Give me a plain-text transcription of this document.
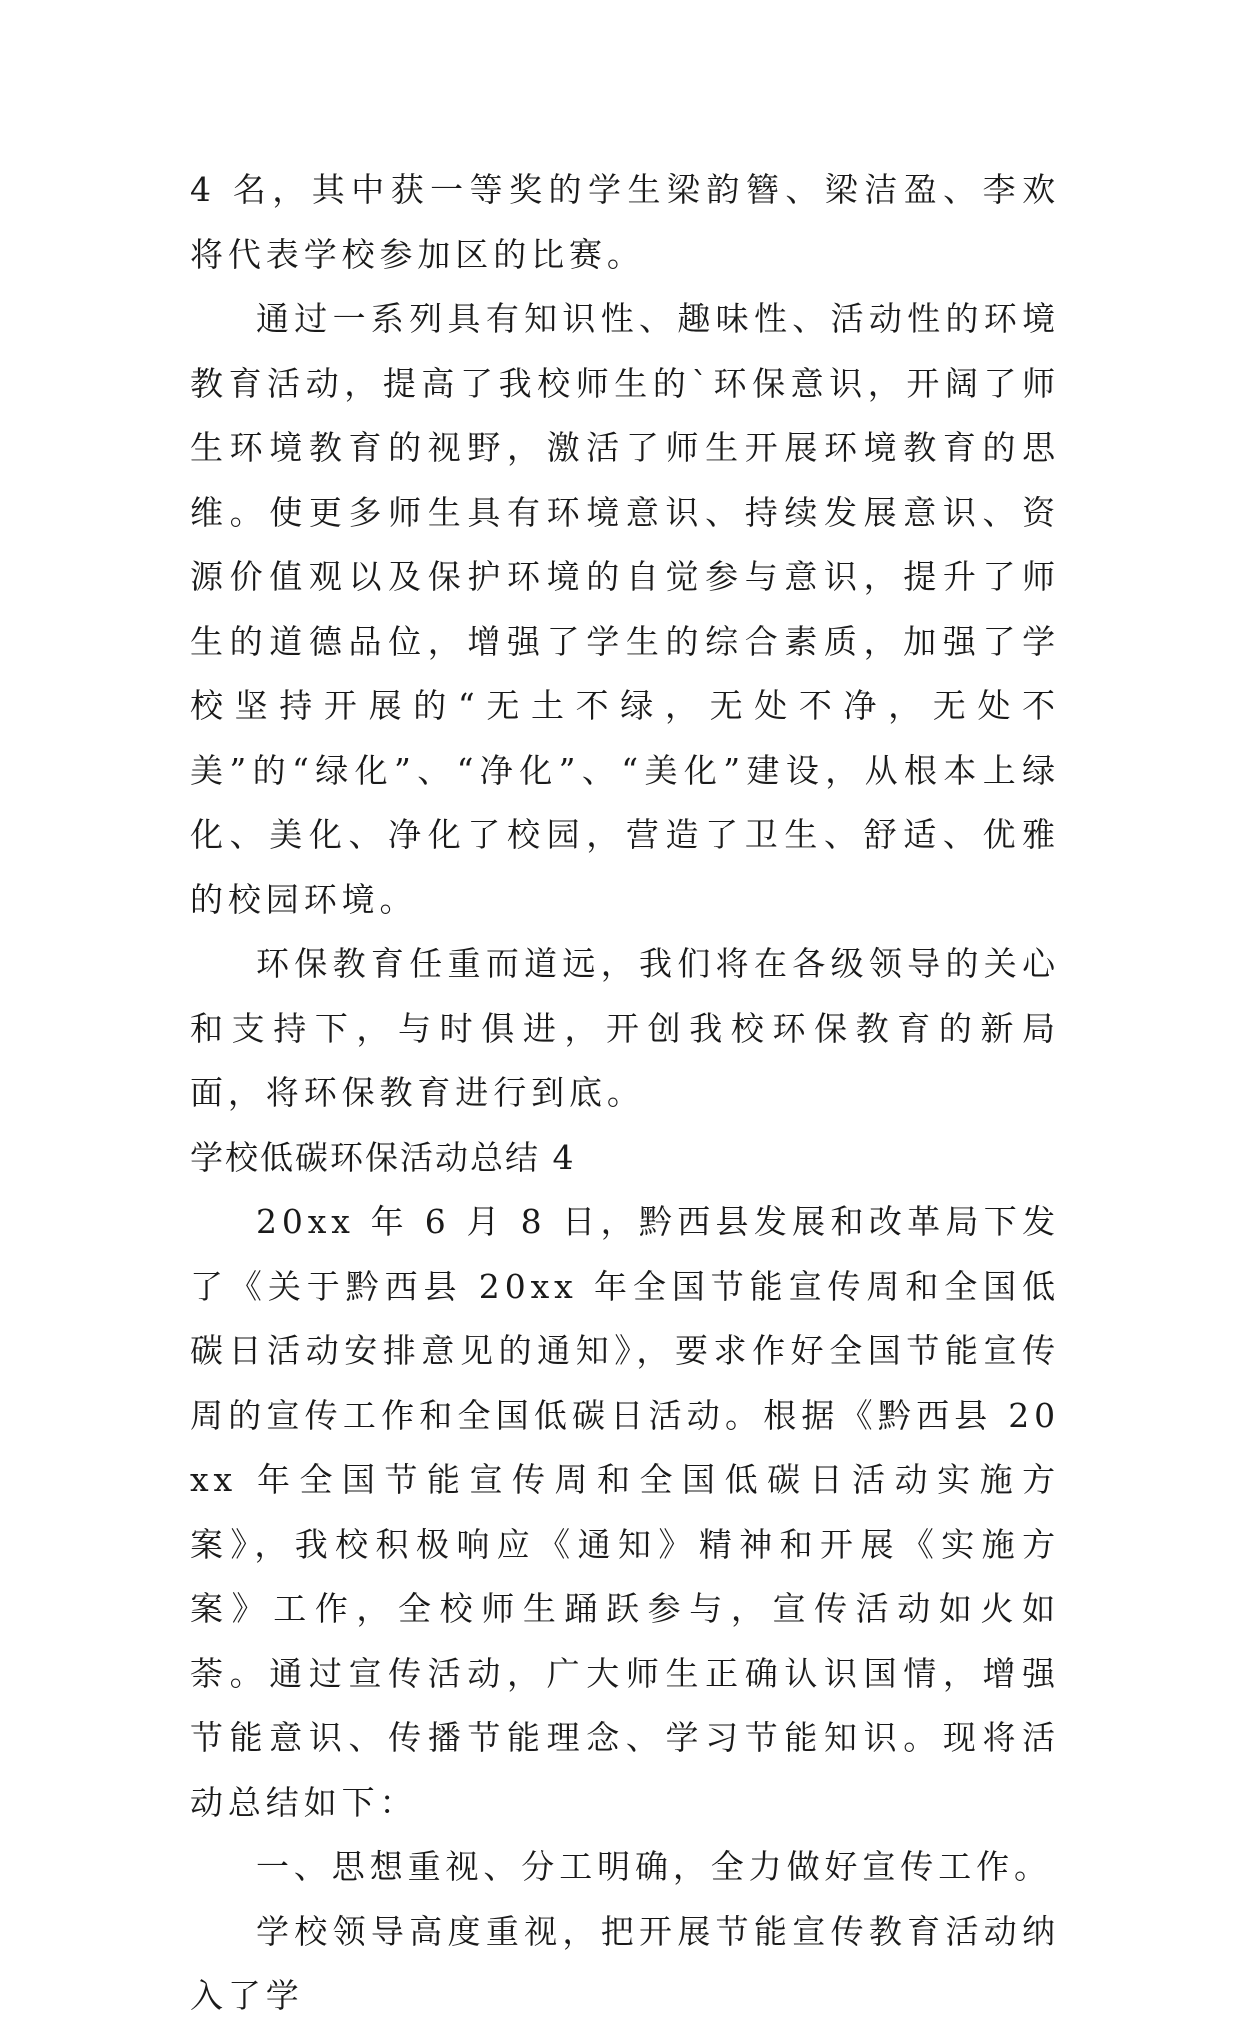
4 名，其中获一等奖的学生梁韵簪、梁洁盈、李欢将代表学校参加区的比赛。

通过一系列具有知识性、趣味性、活动性的环境教育活动，提高了我校师生的`环保意识，开阔了师生环境教育的视野，激活了师生开展环境教育的思维。使更多师生具有环境意识、持续发展意识、资源价值观以及保护环境的自觉参与意识，提升了师生的道德品位，增强了学生的综合素质，加强了学校坚持开展的“无土不绿，无处不净，无处不美”的“绿化”、“净化”、“美化”建设，从根本上绿化、美化、净化了校园，营造了卫生、舒适、优雅的校园环境。

环保教育任重而道远，我们将在各级领导的关心和支持下，与时俱进，开创我校环保教育的新局面，将环保教育进行到底。

学校低碳环保活动总结 4

20xx 年 6 月 8 日，黔西县发展和改革局下发了《关于黔西县 20xx 年全国节能宣传周和全国低碳日活动安排意见的通知》，要求作好全国节能宣传周的宣传工作和全国低碳日活动。根据《黔西县 20xx 年全国节能宣传周和全国低碳日活动实施方案》，我校积极响应《通知》精神和开展《实施方案》工作，全校师生踊跃参与，宣传活动如火如荼。通过宣传活动，广大师生正确认识国情，增强节能意识、传播节能理念、学习节能知识。现将活动总结如下：

一、思想重视、分工明确，全力做好宣传工作。

学校领导高度重视，把开展节能宣传教育活动纳入了学
